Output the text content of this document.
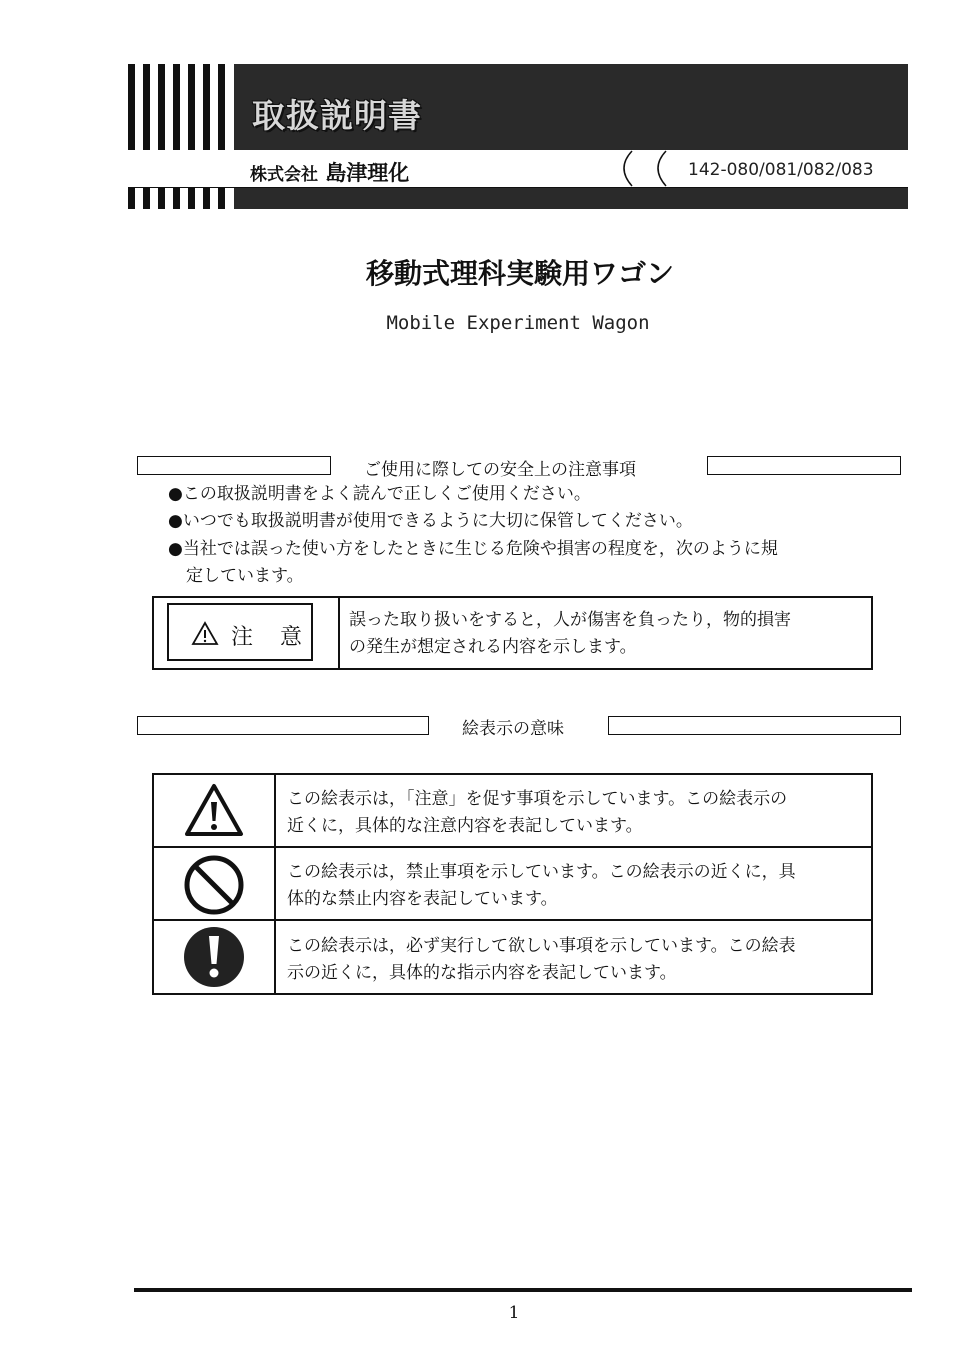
取扱説明書
株式会社 島津理化	142-080/081/082/083
移動式理科実験用ワゴン
Mobile Experiment Wagon
ご使用に際しての安全上の注意事項
●この取扱説明書をよく読んで正しくご使用ください。
●いつでも取扱説明書が使用できるように大切に保管してください。
●当社では誤った使い方をしたときに生じる危険や損害の程度を，次のように規
定しています。
注 意
誤った取り扱いをすると，人が傷害を負ったり，物的損害
の発生が想定される内容を示します。
絵表示の意味
この絵表示は，「注意」を促す事項を示しています。この絵表示の
近くに，具体的な注意内容を表記しています。
この絵表示は，禁止事項を示しています。この絵表示の近くに，具
体的な禁止内容を表記しています。
この絵表示は，必ず実行して欲しい事項を示しています。この絵表
示の近くに，具体的な指示内容を表記しています。
1
